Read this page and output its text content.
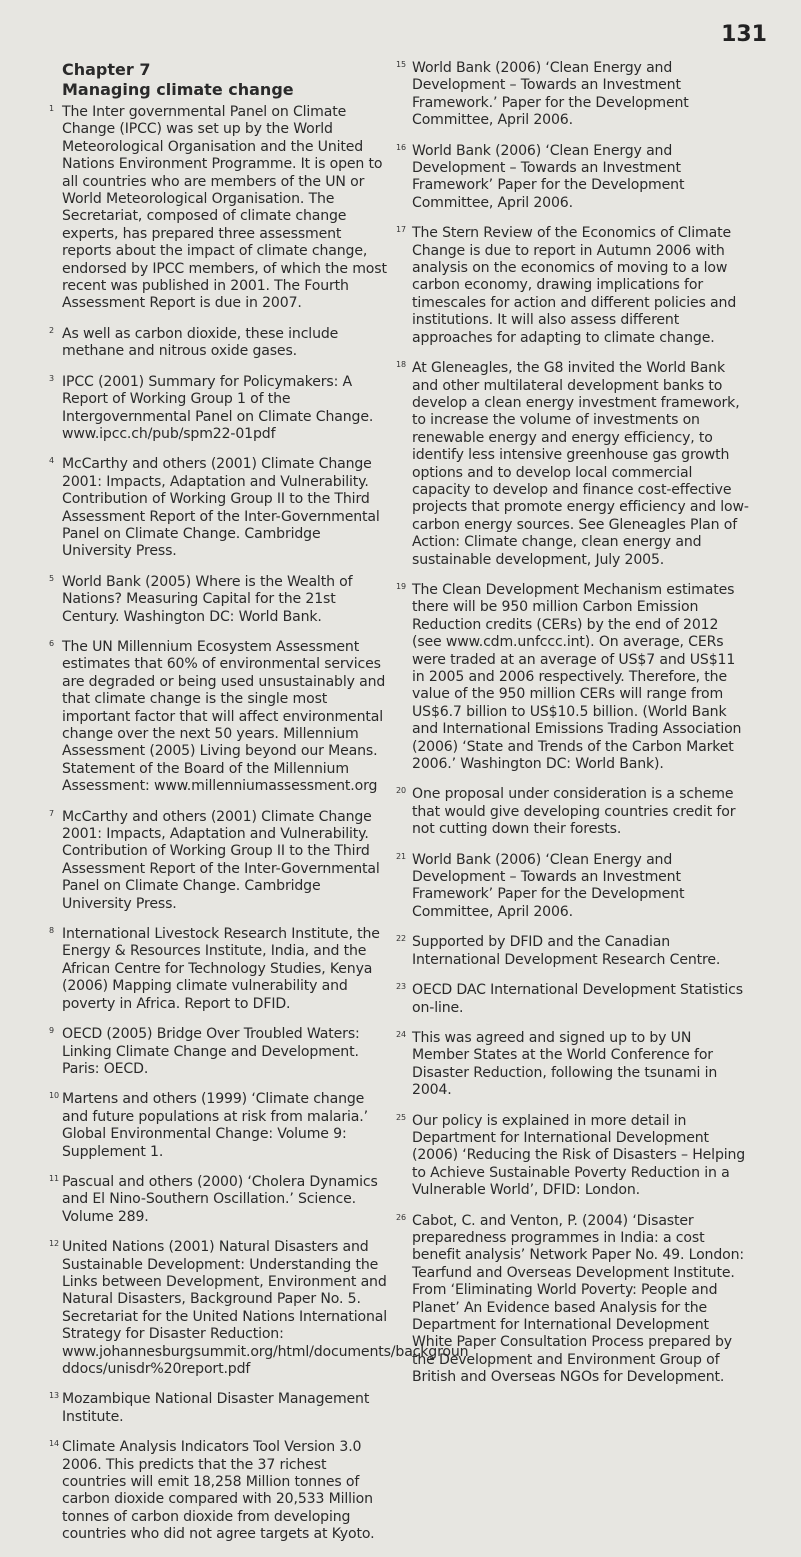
131

Chapter 7

Managing climate change

1 The Inter governmental Panel on Climate Change (IPCC) was set up by the World Meteorological Organisation and the United Nations Environment Programme. It is open to all countries who are members of the UN or World Meteorological Organisation. The Secretariat, composed of climate change experts, has prepared three assessment reports about the impact of climate change, endorsed by IPCC members, of which the most recent was published in 2001. The Fourth Assessment Report is due in 2007.

2 As well as carbon dioxide, these include methane and nitrous oxide gases.

3 IPCC (2001) Summary for Policymakers: A Report of Working Group 1 of the Intergovernmental Panel on Climate Change. www.ipcc.ch/pub/spm22-01pdf

4 McCarthy and others (2001) Climate Change 2001: Impacts, Adaptation and Vulnerability. Contribution of Working Group II to the Third Assessment Report of the Inter-Governmental Panel on Climate Change. Cambridge University Press.

5 World Bank (2005) Where is the Wealth of Nations? Measuring Capital for the 21st Century. Washington DC: World Bank.

6 The UN Millennium Ecosystem Assessment estimates that 60% of environmental services are degraded or being used unsustainably and that climate change is the single most important factor that will affect environmental change over the next 50 years. Millennium Assessment (2005) Living beyond our Means. Statement of the Board of the Millennium Assessment: www.millenniumassessment.org

7 McCarthy and others (2001) Climate Change 2001: Impacts, Adaptation and Vulnerability. Contribution of Working Group II to the Third Assessment Report of the Inter-Governmental Panel on Climate Change. Cambridge University Press.

8 International Livestock Research Institute, the Energy & Resources Institute, India, and the African Centre for Technology Studies, Kenya (2006) Mapping climate vulnerability and poverty in Africa. Report to DFID.

9 OECD (2005) Bridge Over Troubled Waters: Linking Climate Change and Development. Paris: OECD.

10 Martens and others (1999) ‘Climate change and future populations at risk from malaria.’ Global Environmental Change: Volume 9: Supplement 1.

11 Pascual and others (2000) ‘Cholera Dynamics and El Nino-Southern Oscillation.’ Science. Volume 289.

12 United Nations (2001) Natural Disasters and Sustainable Development: Understanding the Links between Development, Environment and Natural Disasters, Background Paper No. 5. Secretariat for the United Nations International Strategy for Disaster Reduction: www.johannesburgsummit.org/html/documents/backgroun ddocs/unisdr%20report.pdf

13 Mozambique National Disaster Management Institute.

14 Climate Analysis Indicators Tool Version 3.0 2006. This predicts that the 37 richest countries will emit 18,258 Million tonnes of carbon dioxide compared with 20,533 Million tonnes of carbon dioxide from developing countries who did not agree targets at Kyoto.

15 World Bank (2006) ‘Clean Energy and Development – Towards an Investment Framework.’ Paper for the Development Committee, April 2006.

16 World Bank (2006) ‘Clean Energy and Development – Towards an Investment Framework’ Paper for the Development Committee, April 2006.

17 The Stern Review of the Economics of Climate Change is due to report in Autumn 2006 with analysis on the economics of moving to a low carbon economy, drawing implications for timescales for action and different policies and institutions. It will also assess different approaches for adapting to climate change.

18 At Gleneagles, the G8 invited the World Bank and other multilateral development banks to develop a clean energy investment framework, to increase the volume of investments on renewable energy and energy efficiency, to identify less intensive greenhouse gas growth options and to develop local commercial capacity to develop and finance cost-effective projects that promote energy efficiency and low-carbon energy sources. See Gleneagles Plan of Action: Climate change, clean energy and sustainable development, July 2005.

19 The Clean Development Mechanism estimates there will be 950 million Carbon Emission Reduction credits (CERs) by the end of 2012 (see www.cdm.unfccc.int). On average, CERs were traded at an average of US$7 and US$11 in 2005 and 2006 respectively. Therefore, the value of the 950 million CERs will range from US$6.7 billion to US$10.5 billion. (World Bank and International Emissions Trading Association (2006) ‘State and Trends of the Carbon Market 2006.’ Washington DC: World Bank).

20 One proposal under consideration is a scheme that would give developing countries credit for not cutting down their forests.

21 World Bank (2006) ‘Clean Energy and Development – Towards an Investment Framework’ Paper for the Development Committee, April 2006.

22 Supported by DFID and the Canadian International Development Research Centre.

23 OECD DAC International Development Statistics on-line.

24 This was agreed and signed up to by UN Member States at the World Conference for Disaster Reduction, following the tsunami in 2004.

25 Our policy is explained in more detail in Department for International Development (2006) ‘Reducing the Risk of Disasters – Helping to Achieve Sustainable Poverty Reduction in a Vulnerable World’, DFID: London.

26 Cabot, C. and Venton, P. (2004) ‘Disaster preparedness programmes in India: a cost benefit analysis’ Network Paper No. 49. London: Tearfund and Overseas Development Institute. From ‘Eliminating World Poverty: People and Planet’ An Evidence based Analysis for the Department for International Development White Paper Consultation Process prepared by the Development and Environment Group of British and Overseas NGOs for Development.
